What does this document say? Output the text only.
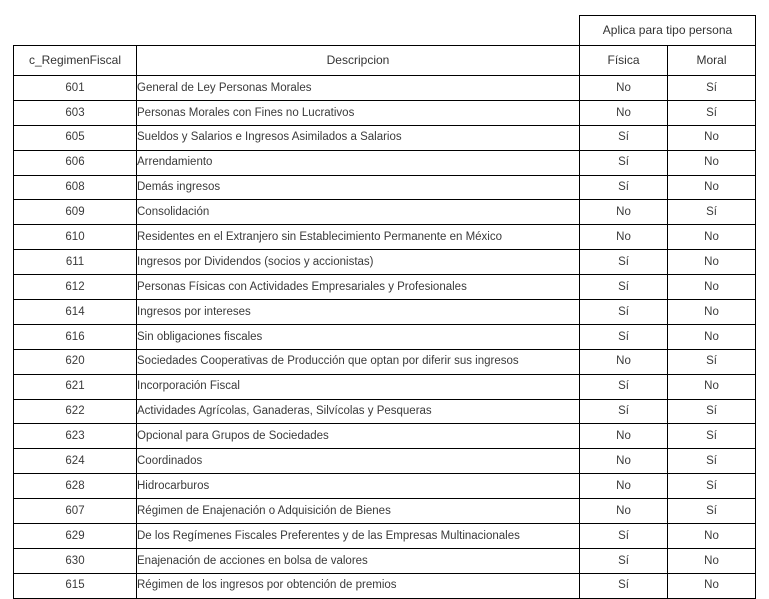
		Aplica para tipo persona	
c_RegimenFiscal	Descripcion	Física	Moral
601	General de Ley Personas Morales	No	Sí
603	Personas Morales con Fines no Lucrativos	No	Sí
605	Sueldos y Salarios e Ingresos Asimilados a Salarios	Sí	No
606	Arrendamiento	Sí	No
608	Demás ingresos	Sí	No
609	Consolidación	No	Sí
610	Residentes en el Extranjero sin Establecimiento Permanente en México	No	No
611	Ingresos por Dividendos (socios y accionistas)	Sí	No
612	Personas Físicas con Actividades Empresariales y Profesionales	Sí	No
614	Ingresos por intereses	Sí	No
616	Sin obligaciones fiscales	Sí	No
620	Sociedades Cooperativas de Producción que optan por diferir sus ingresos	No	Sí
621	Incorporación Fiscal	Sí	No
622	Actividades Agrícolas, Ganaderas, Silvícolas y Pesqueras	Sí	Sí
623	Opcional para Grupos de Sociedades	No	Sí
624	Coordinados	No	Sí
628	Hidrocarburos	No	Sí
607	Régimen de Enajenación o Adquisición de Bienes	No	Sí
629	De los Regímenes Fiscales Preferentes y de las Empresas Multinacionales	Sí	No
630	Enajenación de acciones en bolsa de valores	Sí	No
615	Régimen de los ingresos por obtención de premios	Sí	No
